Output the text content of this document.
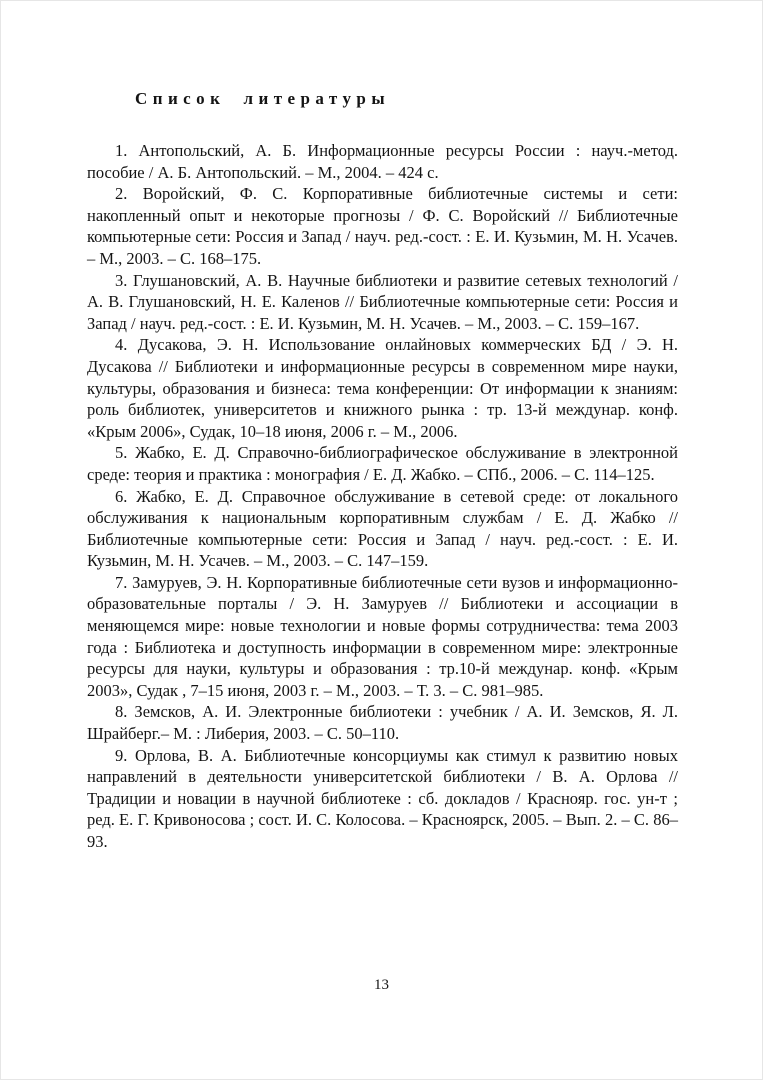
Список литературы

1. Антопольский, А. Б. Информационные ресурсы России : науч.-метод. пособие / А. Б. Антопольский. – М., 2004. – 424 с.

2. Воройский, Ф. С. Корпоративные библиотечные системы и сети: накопленный опыт и некоторые прогнозы / Ф. С. Воройский // Библиотечные компьютерные сети: Россия и Запад / науч. ред.-сост. : Е. И. Кузьмин, М. Н. Усачев. – М., 2003. – С. 168–175.

3. Глушановский, А. В. Научные библиотеки и развитие сетевых технологий / А. В. Глушановский, Н. Е. Каленов // Библиотечные компьютерные сети: Россия и Запад / науч. ред.-сост. : Е. И. Кузьмин, М. Н. Усачев. – М., 2003. – С. 159–167.

4. Дусакова, Э. Н. Использование онлайновых коммерческих БД / Э. Н. Дусакова // Библиотеки и информационные ресурсы в современном мире науки, культуры, образования и бизнеса: тема конференции: От информации к знаниям: роль библиотек, университетов и книжного рынка : тр. 13-й междунар. конф. «Крым 2006», Судак, 10–18 июня, 2006 г. – М., 2006.

5. Жабко, Е. Д. Справочно-библиографическое обслуживание в электронной среде: теория и практика : монография / Е. Д. Жабко. – СПб., 2006. – С. 114–125.

6. Жабко, Е. Д. Справочное обслуживание в сетевой среде: от локального обслуживания к национальным корпоративным службам / Е. Д. Жабко // Библиотечные компьютерные сети: Россия и Запад / науч. ред.-сост. : Е. И. Кузьмин, М. Н. Усачев. – М., 2003. – С. 147–159.

7. Замуруев, Э. Н. Корпоративные библиотечные сети вузов и информационно-образовательные порталы / Э. Н. Замуруев // Библиотеки и ассоциации в меняющемся мире: новые технологии и новые формы сотрудничества: тема 2003 года : Библиотека и доступность информации в современном мире: электронные ресурсы для науки, культуры и образования : тр.10-й междунар. конф. «Крым 2003», Судак , 7–15 июня, 2003 г. – М., 2003. – Т. 3. – С. 981–985.

8. Земсков, А. И. Электронные библиотеки : учебник / А. И. Земсков, Я. Л. Шрайберг.– М. : Либерия, 2003. – С. 50–110.

9. Орлова, В. А. Библиотечные консорциумы как стимул к развитию новых направлений в деятельности университетской библиотеки / В. А. Орлова // Традиции и новации в научной библиотеке : сб. докладов / Краснояр. гос. ун-т ; ред. Е. Г. Кривоносова ; сост. И. С. Колосова. – Красноярск, 2005. – Вып. 2. – С. 86–93.

13
